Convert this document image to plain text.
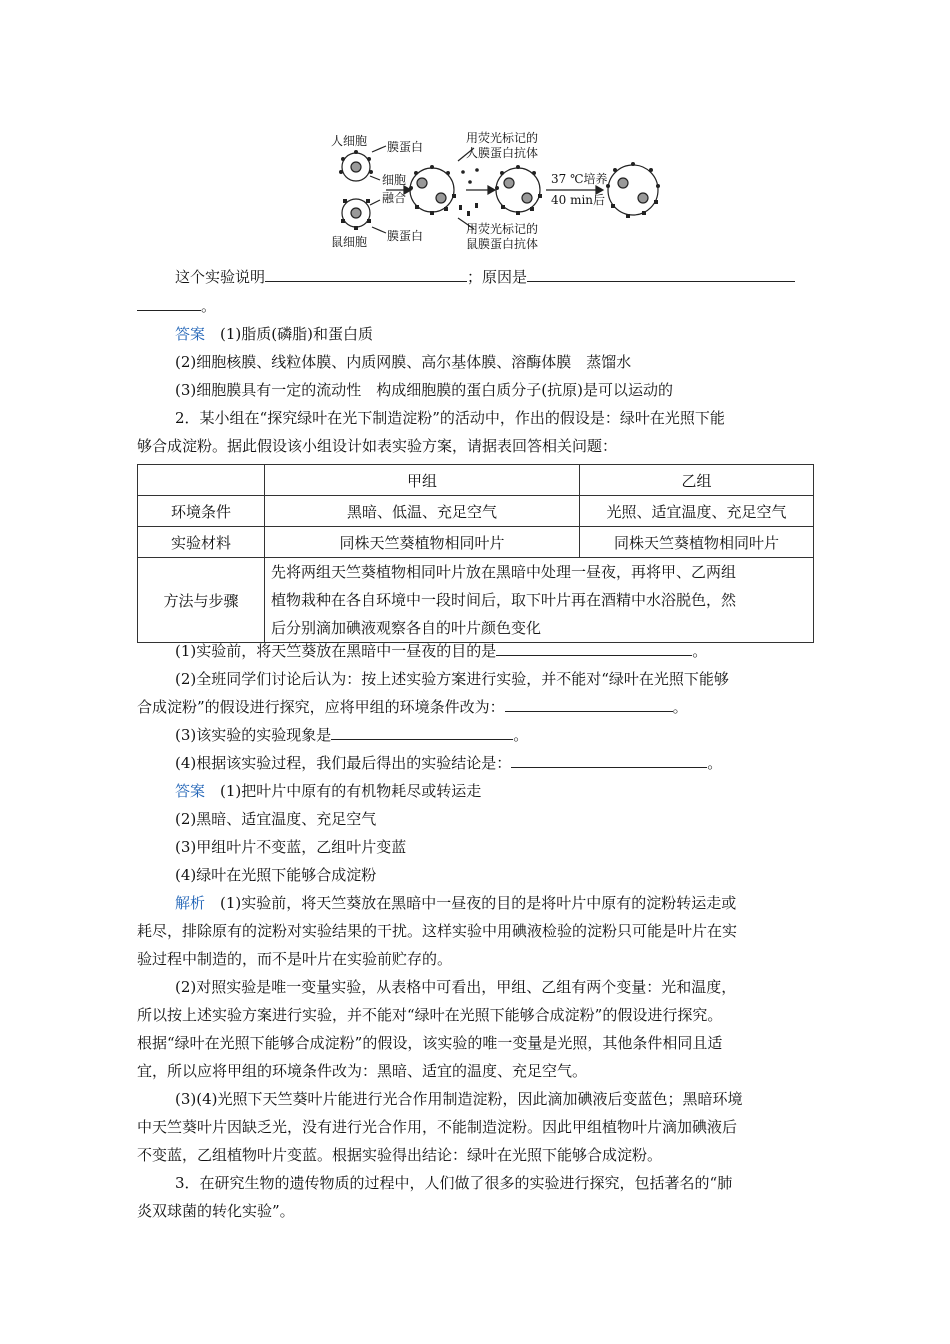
人细胞
鼠细胞
膜蛋白
膜蛋白
细胞
融合
用荧光标记的
人膜蛋白抗体
用荧光标记的
鼠膜蛋白抗体
37 ℃培养
40 min后
这个实验说明	；原因是
。
答案　 (1)脂质(磷脂)和蛋白质
(2)细胞核膜、线粒体膜、内质网膜、高尔基体膜、溶酶体膜　蒸馏水
(3)细胞膜具有一定的流动性　构成细胞膜的蛋白质分子(抗原)是可以运动的
2．某小组在“探究绿叶在光下制造淀粉”的活动中，作出的假设是：绿叶在光照下能
够合成淀粉。据此假设该小组设计如表实验方案，请据表回答相关问题：
	甲组	乙组
环境条件	黑暗、低温、充足空气	光照、适宜温度、充足空气
实验材料	同株天竺葵植物相同叶片	同株天竺葵植物相同叶片
方法与步骤	先将两组天竺葵植物相同叶片放在黑暗中处理一昼夜，再将甲、乙两组
植物栽种在各自环境中一段时间后，取下叶片再在酒精中水浴脱色，然
后分别滴加碘液观察各自的叶片颜色变化	
(1)实验前，将天竺葵放在黑暗中一昼夜的目的是	。
(2)全班同学们讨论后认为：按上述实验方案进行实验，并不能对“绿叶在光照下能够
合成淀粉”的假设进行探究，应将甲组的环境条件改为：	。
(3)该实验的实验现象是	。
(4)根据该实验过程，我们最后得出的实验结论是：	。
答案　 (1)把叶片中原有的有机物耗尽或转运走
(2)黑暗、适宜温度、充足空气
(3)甲组叶片不变蓝，乙组叶片变蓝
(4)绿叶在光照下能够合成淀粉
解析　 (1)实验前，将天竺葵放在黑暗中一昼夜的目的是将叶片中原有的淀粉转运走或
耗尽，排除原有的淀粉对实验结果的干扰。这样实验中用碘液检验的淀粉只可能是叶片在实
验过程中制造的，而不是叶片在实验前贮存的。
(2)对照实验是唯一变量实验，从表格中可看出，甲组、乙组有两个变量：光和温度，
所以按上述实验方案进行实验，并不能对“绿叶在光照下能够合成淀粉”的假设进行探究。
根据“绿叶在光照下能够合成淀粉”的假设，该实验的唯一变量是光照，其他条件相同且适
宜，所以应将甲组的环境条件改为：黑暗、适宜的温度、充足空气。
(3)(4)光照下天竺葵叶片能进行光合作用制造淀粉，因此滴加碘液后变蓝色；黑暗环境
中天竺葵叶片因缺乏光，没有进行光合作用，不能制造淀粉。因此甲组植物叶片滴加碘液后
不变蓝，乙组植物叶片变蓝。根据实验得出结论：绿叶在光照下能够合成淀粉。
3．在研究生物的遗传物质的过程中，人们做了很多的实验进行探究，包括著名的“肺
炎双球菌的转化实验”。
